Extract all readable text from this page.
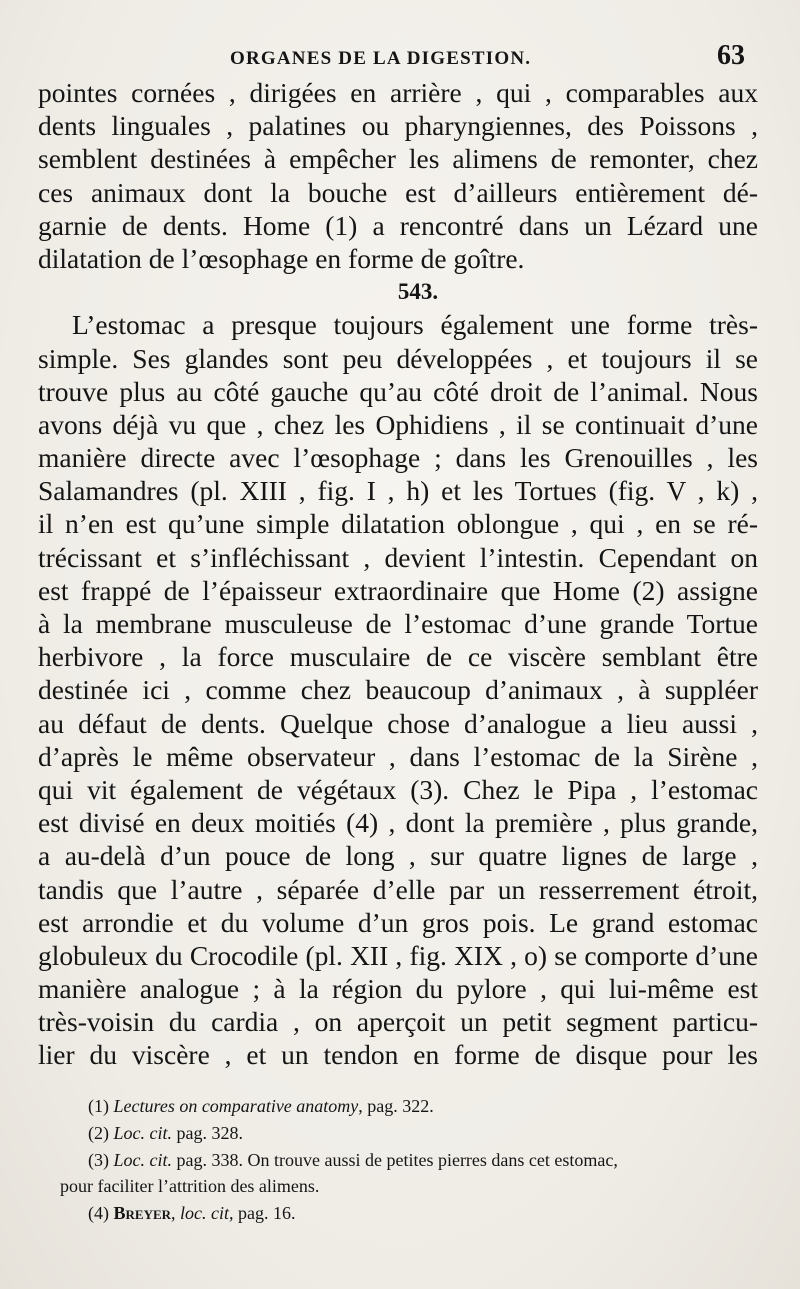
ORGANES DE LA DIGESTION.	63
pointes cornées , dirigées en arrière , qui , comparables aux
dents linguales , palatines ou pharyngiennes, des Poissons ,
semblent destinées à empêcher les alimens de remonter, chez
ces animaux dont la bouche est d’ailleurs entièrement dé-
garnie de dents. Home (1) a rencontré dans un Lézard une
dilatation de l’œsophage en forme de goître.
543.
L’estomac a presque toujours également une forme très-
simple. Ses glandes sont peu développées , et toujours il se
trouve plus au côté gauche qu’au côté droit de l’animal. Nous
avons déjà vu que , chez les Ophidiens , il se continuait d’une
manière directe avec l’œsophage ; dans les Grenouilles , les
Salamandres (pl. XIII , fig. I , h) et les Tortues (fig. V , k) ,
il n’en est qu’une simple dilatation oblongue , qui , en se ré-
trécissant et s’infléchissant , devient l’intestin. Cependant on
est frappé de l’épaisseur extraordinaire que Home (2) assigne
à la membrane musculeuse de l’estomac d’une grande Tortue
herbivore , la force musculaire de ce viscère semblant être
destinée ici , comme chez beaucoup d’animaux , à suppléer
au défaut de dents. Quelque chose d’analogue a lieu aussi ,
d’après le même observateur , dans l’estomac de la Sirène ,
qui vit également de végétaux (3). Chez le Pipa , l’estomac
est divisé en deux moitiés (4) , dont la première , plus grande,
a au-delà d’un pouce de long , sur quatre lignes de large ,
tandis que l’autre , séparée d’elle par un resserrement étroit,
est arrondie et du volume d’un gros pois. Le grand estomac
globuleux du Crocodile (pl. XII , fig. XIX , o) se comporte d’une
manière analogue ; à la région du pylore , qui lui-même est
très-voisin du cardia , on aperçoit un petit segment particu-
lier du viscère , et un tendon en forme de disque pour les
(1) Lectures on comparative anatomy, pag. 322.
(2) Loc. cit. pag. 328.
(3) Loc. cit. pag. 338. On trouve aussi de petites pierres dans cet estomac,
pour faciliter l’attrition des alimens.
(4) Breyer, loc. cit, pag. 16.
